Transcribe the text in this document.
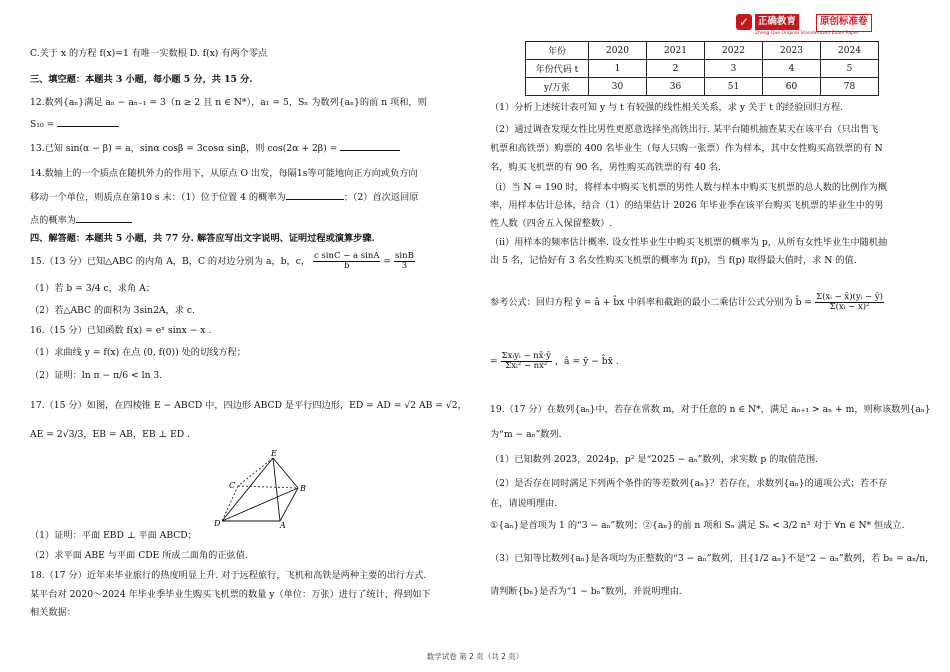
✓ 正确教育	原创标准卷
Zheng Que Original Standardized Exam Paper
C.关于 x 的方程 f(x)=1 有唯一实数根 D. f(x) 有两个零点
三、填空题：本题共 3 小题，每小题 5 分，共 15 分.
12.数列{aₙ}满足 aₙ − aₙ₋₁ = 3（n ≥ 2 且 n ∈ N*），a₁ = 5，Sₙ 为数列{aₙ}的前 n 项和，则
S₁₀ =
13.已知 sin(α − β) = a，sinα cosβ = 3cosα sinβ，则 cos(2α + 2β) =
14.数轴上的一个质点在随机外力的作用下，从原点 O 出发，每隔1s等可能地向正方向或负方向
移动一个单位，则质点在第10 s 末：（1）位于位置 4 的概率为	；（2）首次返回原
点的概率为
四、解答题：本题共 5 小题，共 77 分. 解答应写出文字说明、证明过程或演算步骤.
15.（13 分）已知△ABC 的内角 A，B，C 的对边分别为 a，b，c， $\frac{\text{c sinC − a sinA}}{b} = \frac{\sin B}{3}$
（1）若 b = 3/4 c，求角 A；
（2）若△ABC 的面积为 3sin2A，求 c.
16.（15 分）已知函数 f(x) = eˣ sinx − x .
（1）求曲线 y = f(x) 在点 (0, f(0)) 处的切线方程；
（2）证明：ln π − π/6 < ln 3.
17.（15 分）如图，在四棱锥 E − ABCD 中，四边形 ABCD 是平行四边形，ED = AD = √2 AB = √2，
AE = 2√3/3，EB = AB，EB ⊥ ED .
（1）证明：平面 EBD ⊥ 平面 ABCD；
（2）求平面 ABE 与平面 CDE 所成二面角的正弦值.
18.（17 分）近年来毕业旅行的热度明显上升. 对于远程旅行，飞机和高铁是两种主要的出行方式.
某平台对 2020～2024 年毕业季毕业生购买飞机票的数量 y（单位：万张）进行了统计，得到如下
相关数据：
E
C	B
D	A
年份	2020	2021	2022	2023	2024
年份代码 t	1	2	3	4	5
y/万张	30	36	51	60	78
（1）分析上述统计表可知 y 与 t 有较强的线性相关关系，求 y 关于 t 的经验回归方程.
（2）通过调查发现女性比男性更愿意选择坐高铁出行. 某平台随机抽查某天在该平台（只出售飞
机票和高铁票）购票的 400 名毕业生（每人只购一张票）作为样本，其中女性购买高铁票的有 N
名，购买飞机票的有 90 名，男性购买高铁票的有 40 名.
（i）当 N = 190 时，将样本中购买飞机票的男性人数与样本中购买飞机票的总人数的比例作为概
率，用样本估计总体，结合（1）的结果估计 2026 年毕业季在该平台购买飞机票的毕业生中的男
性人数（四舍五入保留整数）.
（ii）用样本的频率估计概率. 设女性毕业生中购买飞机票的概率为 p，从所有女性毕业生中随机抽
出 5 名，记恰好有 3 名女性购买飞机票的概率为 f(p)，当 f(p) 取得最大值时，求 N 的值.
参考公式：回归方程 ŷ = â + b̂x 中斜率和截距的最小二乘估计公式分别为 b̂ = $\frac{\text{Σ(xᵢ − x̄)(yᵢ − ȳ)}}{\text{Σ(xᵢ − x̄)²}}$
= $\frac{\text{Σxᵢyᵢ − nx̄·ȳ}}{\text{Σxᵢ² − nx̄²}}$ ，â = ȳ − b̂x̄ .
19.（17 分）在数列{aₙ}中，若存在常数 m，对于任意的 n ∈ N*，满足 aₙ₊₁ > aₙ + m，则称该数列{aₙ}
为“m − aₙ”数列.
（1）已知数列 2023，2024p，p² 是“2025 − aₙ”数列，求实数 p 的取值范围.
（2）是否存在同时满足下列两个条件的等差数列{aₙ}？若存在，求数列{aₙ}的通项公式；若不存
在，请说明理由.
①{aₙ}是首项为 1 的“3 − aₙ”数列；②{aₙ}的前 n 项和 Sₙ 满足 Sₙ < 3/2 n³ 对于 ∀n ∈ N* 恒成立.
（3）已知等比数列{aₙ}是各项均为正整数的“3 − aₙ”数列，且{1/2 aₙ}不是“2 − aₙ”数列，若 bₙ = aₙ/n，
请判断{bₙ}是否为“1 − bₙ”数列，并说明理由.
数学试卷 第 2 页（共 2 页）
